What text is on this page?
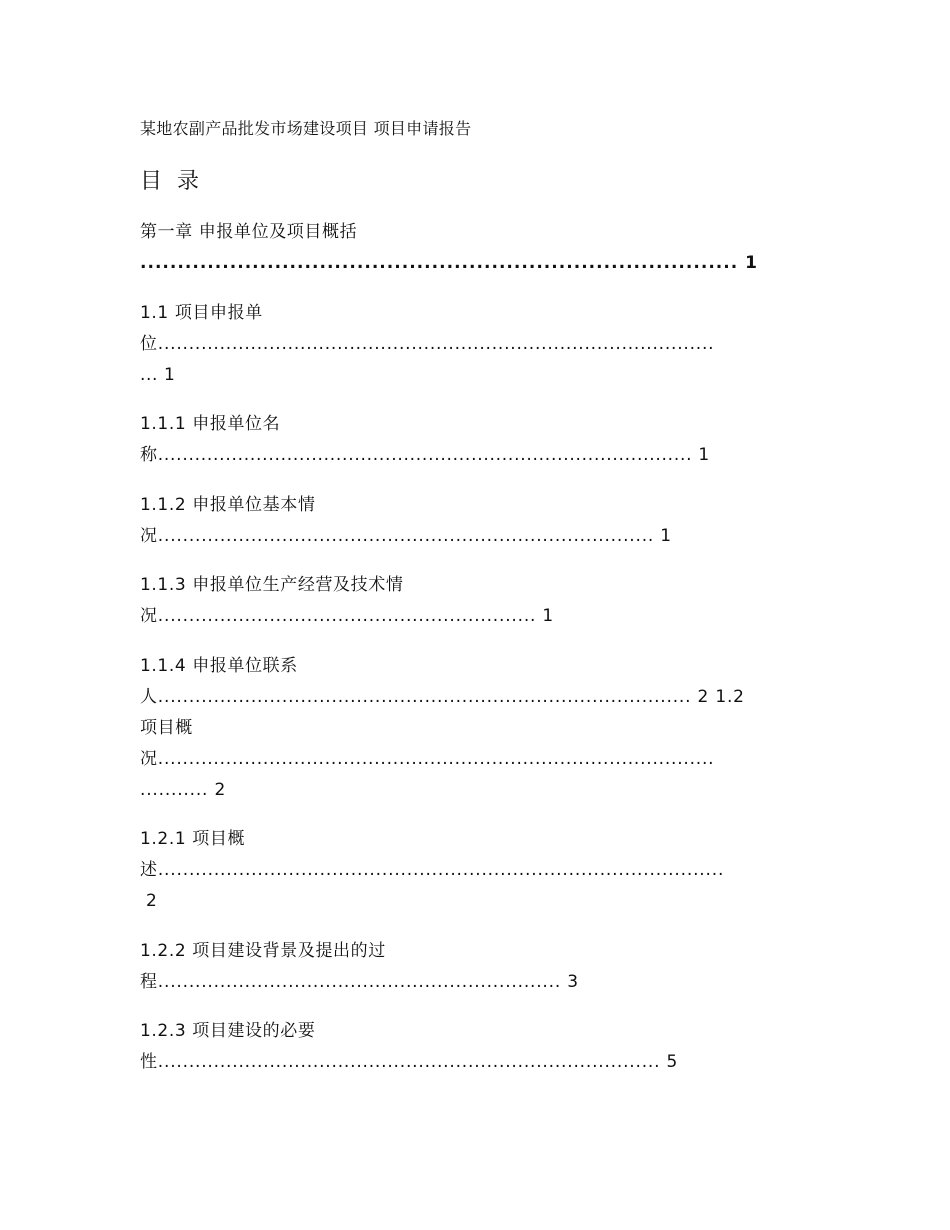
某地农副产品批发市场建设项目 项目申请报告
目 录
第一章 申报单位及项目概括
................................................................................ 1
1.1 项目申报单
位..........................................................................................
... 1
1.1.1 申报单位名
称....................................................................................... 1
1.1.2 申报单位基本情
况................................................................................ 1
1.1.3 申报单位生产经营及技术情
况............................................................. 1
1.1.4 申报单位联系
人...................................................................................... 2 1.2
项目概
况..........................................................................................
........... 2
1.2.1 项目概
述...........................................................................................
2
1.2.2 项目建设背景及提出的过
程................................................................. 3
1.2.3 项目建设的必要
性................................................................................. 5
